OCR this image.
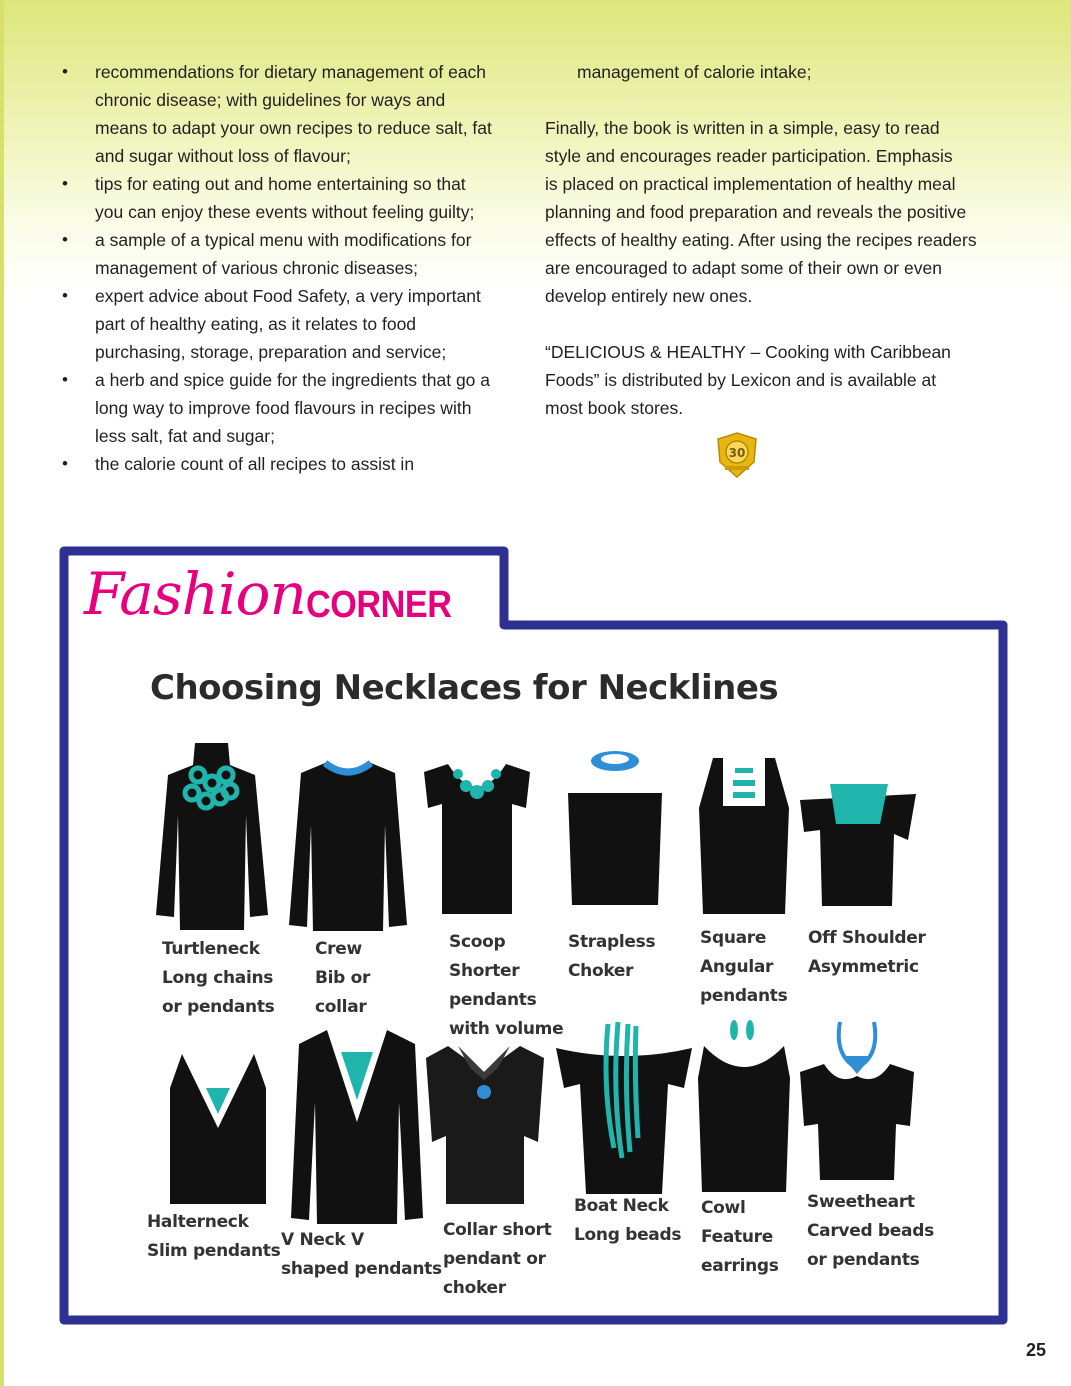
• recommendations for dietary management of each
chronic disease; with guidelines for ways and
means to adapt your own recipes to reduce salt, fat
and sugar without loss of flavour;
• tips for eating out and home entertaining so that
you can enjoy these events without feeling guilty;
• a sample of a typical menu with modifications for
management of various chronic diseases;
• expert advice about Food Safety, a very important
part of healthy eating, as it relates to food
purchasing, storage, preparation and service;
• a herb and spice guide for the ingredients that go a
long way to improve food flavours in recipes with
less salt, fat and sugar;
• the calorie count of all recipes to assist in

management of calorie intake;

Finally, the book is written in a simple, easy to read
style and encourages reader participation. Emphasis
is placed on practical implementation of healthy meal
planning and food preparation and reveals the positive
effects of healthy eating. After using the recipes readers
are encouraged to adapt some of their own or even
develop entirely new ones.

“DELICIOUS & HEALTHY – Cooking with Caribbean
Foods” is distributed by Lexicon and is available at
most book stores.

30
Fashion CORNER
Choosing Necklaces for Necklines
Turtleneck
Long chains
or pendants
Crew
Bib or
collar
Scoop
Shorter
pendants
with volume
Strapless
Choker
Square
Angular
pendants
Off Shoulder
Asymmetric
Halterneck
Slim pendants
V Neck V
shaped pendants
Collar short
pendant or
choker
Boat Neck
Long beads
Cowl
Feature
earrings
Sweetheart
Carved beads
or pendants
25
